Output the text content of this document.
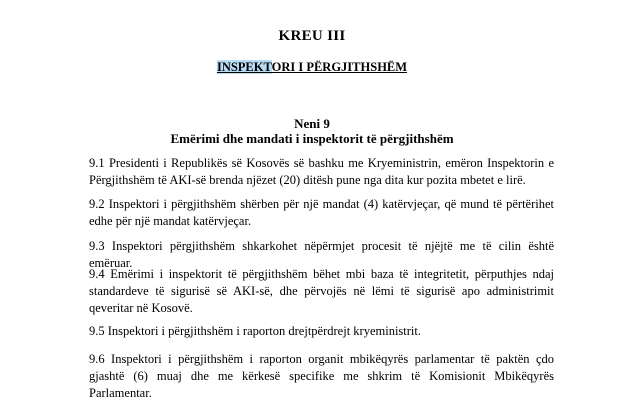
KREU III
INSPEKTORI I PËRGJITHSHËM
Neni 9
Emërimi dhe mandati i inspektorit të përgjithshëm
9.1 Presidenti i Republikës së Kosovës së bashku me Kryeministrin, emëron Inspektorin e Përgjithshëm të AKI-së brenda njëzet (20) ditësh pune nga dita kur pozita mbetet e lirë.
9.2 Inspektori i përgjithshëm shërben për një mandat (4) katërvjeçar, që mund të përtërihet edhe për një mandat katërvjeçar.
9.3 Inspektori përgjithshëm shkarkohet nëpërmjet procesit të njëjtë me të cilin është emëruar.
9.4 Emërimi i inspektorit të përgjithshëm bëhet mbi baza të integritetit, përputhjes ndaj standardeve të sigurisë së AKI-së, dhe përvojës në lëmi të sigurisë apo administrimit qeveritar në Kosovë.
9.5 Inspektori i përgjithshëm i raporton drejtpërdrejt kryeministrit.
9.6 Inspektori i përgjithshëm i raporton organit mbikëqyrës parlamentar të paktën çdo gjashtë (6) muaj dhe me kërkesë specifike me shkrim të Komisionit Mbikëqyrës Parlamentar.
